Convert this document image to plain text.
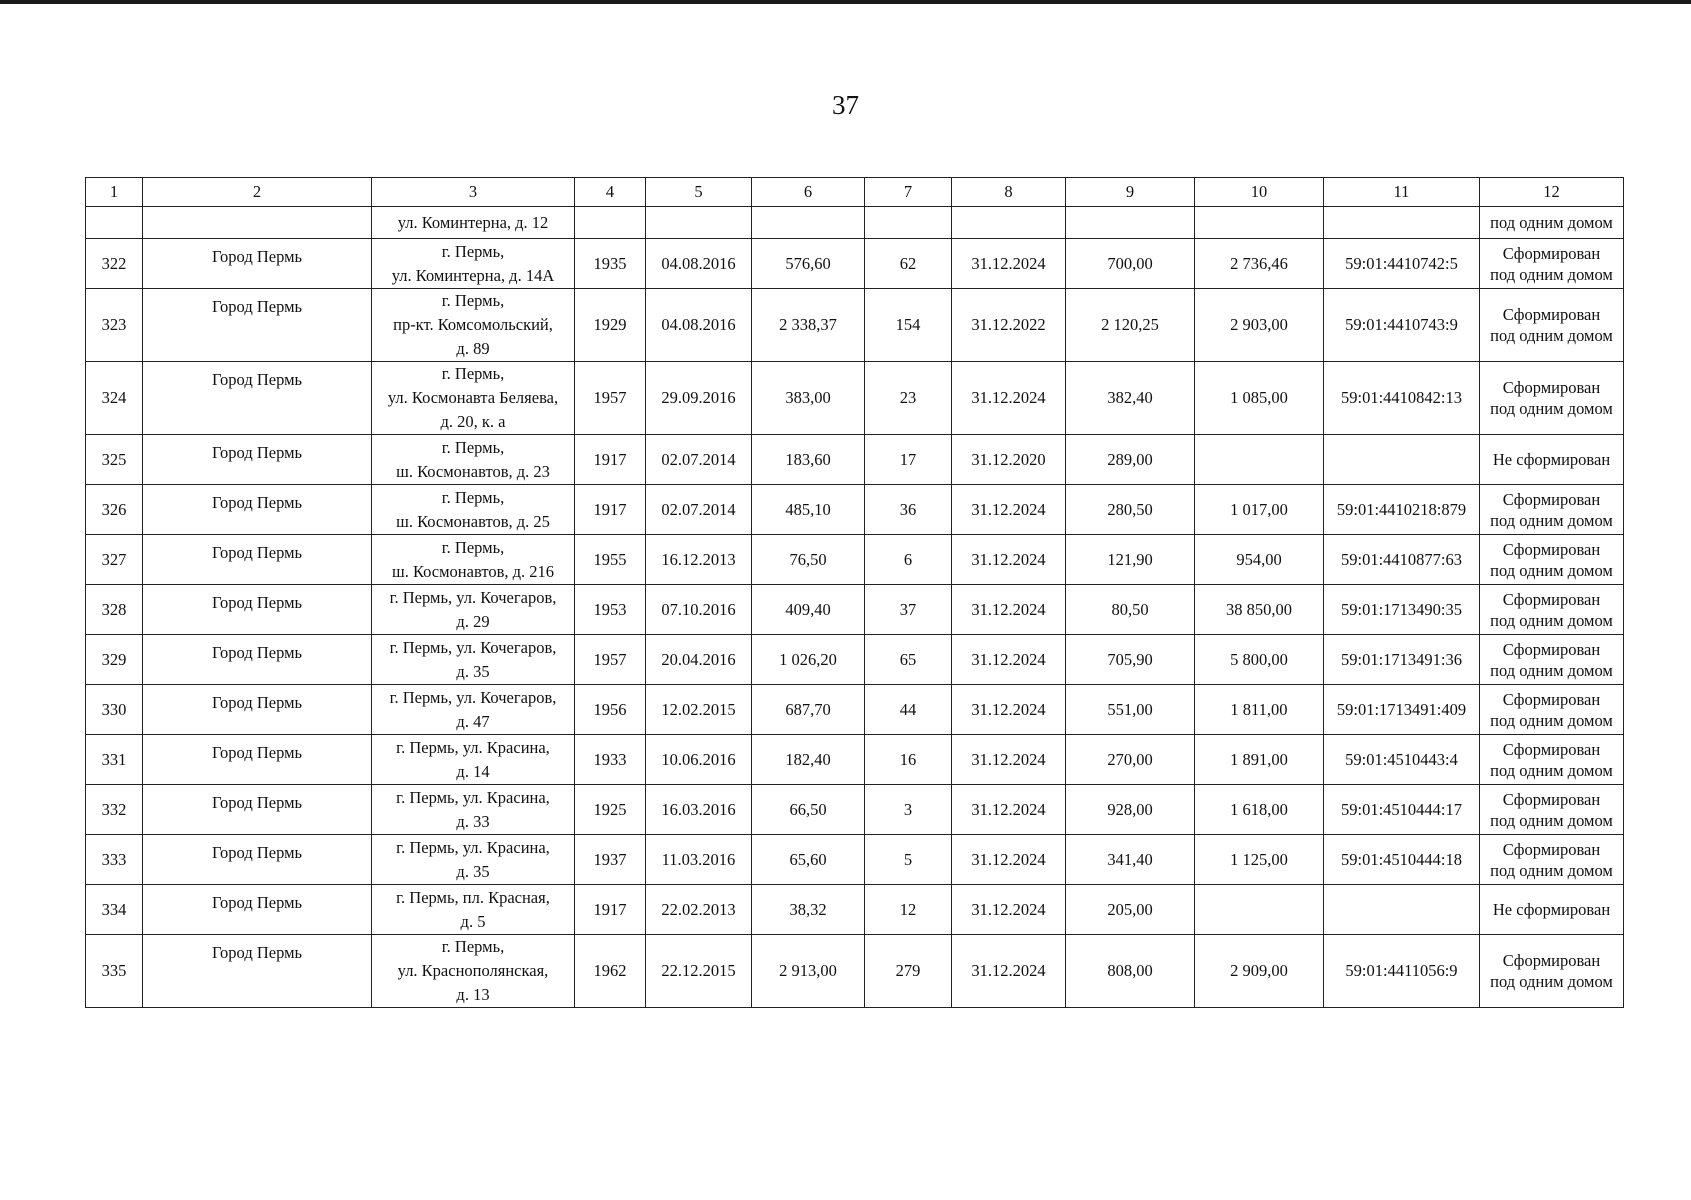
37
1	2	3	4	5	6	7	8	9	10	11	12
		ул. Коминтерна, д. 12									под одним домом
322	Город Пермь	г. Пермь,
ул. Коминтерна, д. 14А	1935	04.08.2016	576,60	62	31.12.2024	700,00	2 736,46	59:01:4410742:5	Сформирован
под одним домом
323	Город Пермь	г. Пермь,
пр-кт. Комсомольский,
д. 89	1929	04.08.2016	2 338,37	154	31.12.2022	2 120,25	2 903,00	59:01:4410743:9	Сформирован
под одним домом
324	Город Пермь	г. Пермь,
ул. Космонавта Беляева,
д. 20, к. а	1957	29.09.2016	383,00	23	31.12.2024	382,40	1 085,00	59:01:4410842:13	Сформирован
под одним домом
325	Город Пермь	г. Пермь,
ш. Космонавтов, д. 23	1917	02.07.2014	183,60	17	31.12.2020	289,00			Не сформирован
326	Город Пермь	г. Пермь,
ш. Космонавтов, д. 25	1917	02.07.2014	485,10	36	31.12.2024	280,50	1 017,00	59:01:4410218:879	Сформирован
под одним домом
327	Город Пермь	г. Пермь,
ш. Космонавтов, д. 216	1955	16.12.2013	76,50	6	31.12.2024	121,90	954,00	59:01:4410877:63	Сформирован
под одним домом
328	Город Пермь	г. Пермь, ул. Кочегаров,
д. 29	1953	07.10.2016	409,40	37	31.12.2024	80,50	38 850,00	59:01:1713490:35	Сформирован
под одним домом
329	Город Пермь	г. Пермь, ул. Кочегаров,
д. 35	1957	20.04.2016	1 026,20	65	31.12.2024	705,90	5 800,00	59:01:1713491:36	Сформирован
под одним домом
330	Город Пермь	г. Пермь, ул. Кочегаров,
д. 47	1956	12.02.2015	687,70	44	31.12.2024	551,00	1 811,00	59:01:1713491:409	Сформирован
под одним домом
331	Город Пермь	г. Пермь, ул. Красина,
д. 14	1933	10.06.2016	182,40	16	31.12.2024	270,00	1 891,00	59:01:4510443:4	Сформирован
под одним домом
332	Город Пермь	г. Пермь, ул. Красина,
д. 33	1925	16.03.2016	66,50	3	31.12.2024	928,00	1 618,00	59:01:4510444:17	Сформирован
под одним домом
333	Город Пермь	г. Пермь, ул. Красина,
д. 35	1937	11.03.2016	65,60	5	31.12.2024	341,40	1 125,00	59:01:4510444:18	Сформирован
под одним домом
334	Город Пермь	г. Пермь, пл. Красная,
д. 5	1917	22.02.2013	38,32	12	31.12.2024	205,00			Не сформирован
335	Город Пермь	г. Пермь,
ул. Краснополянская,
д. 13	1962	22.12.2015	2 913,00	279	31.12.2024	808,00	2 909,00	59:01:4411056:9	Сформирован
под одним домом
